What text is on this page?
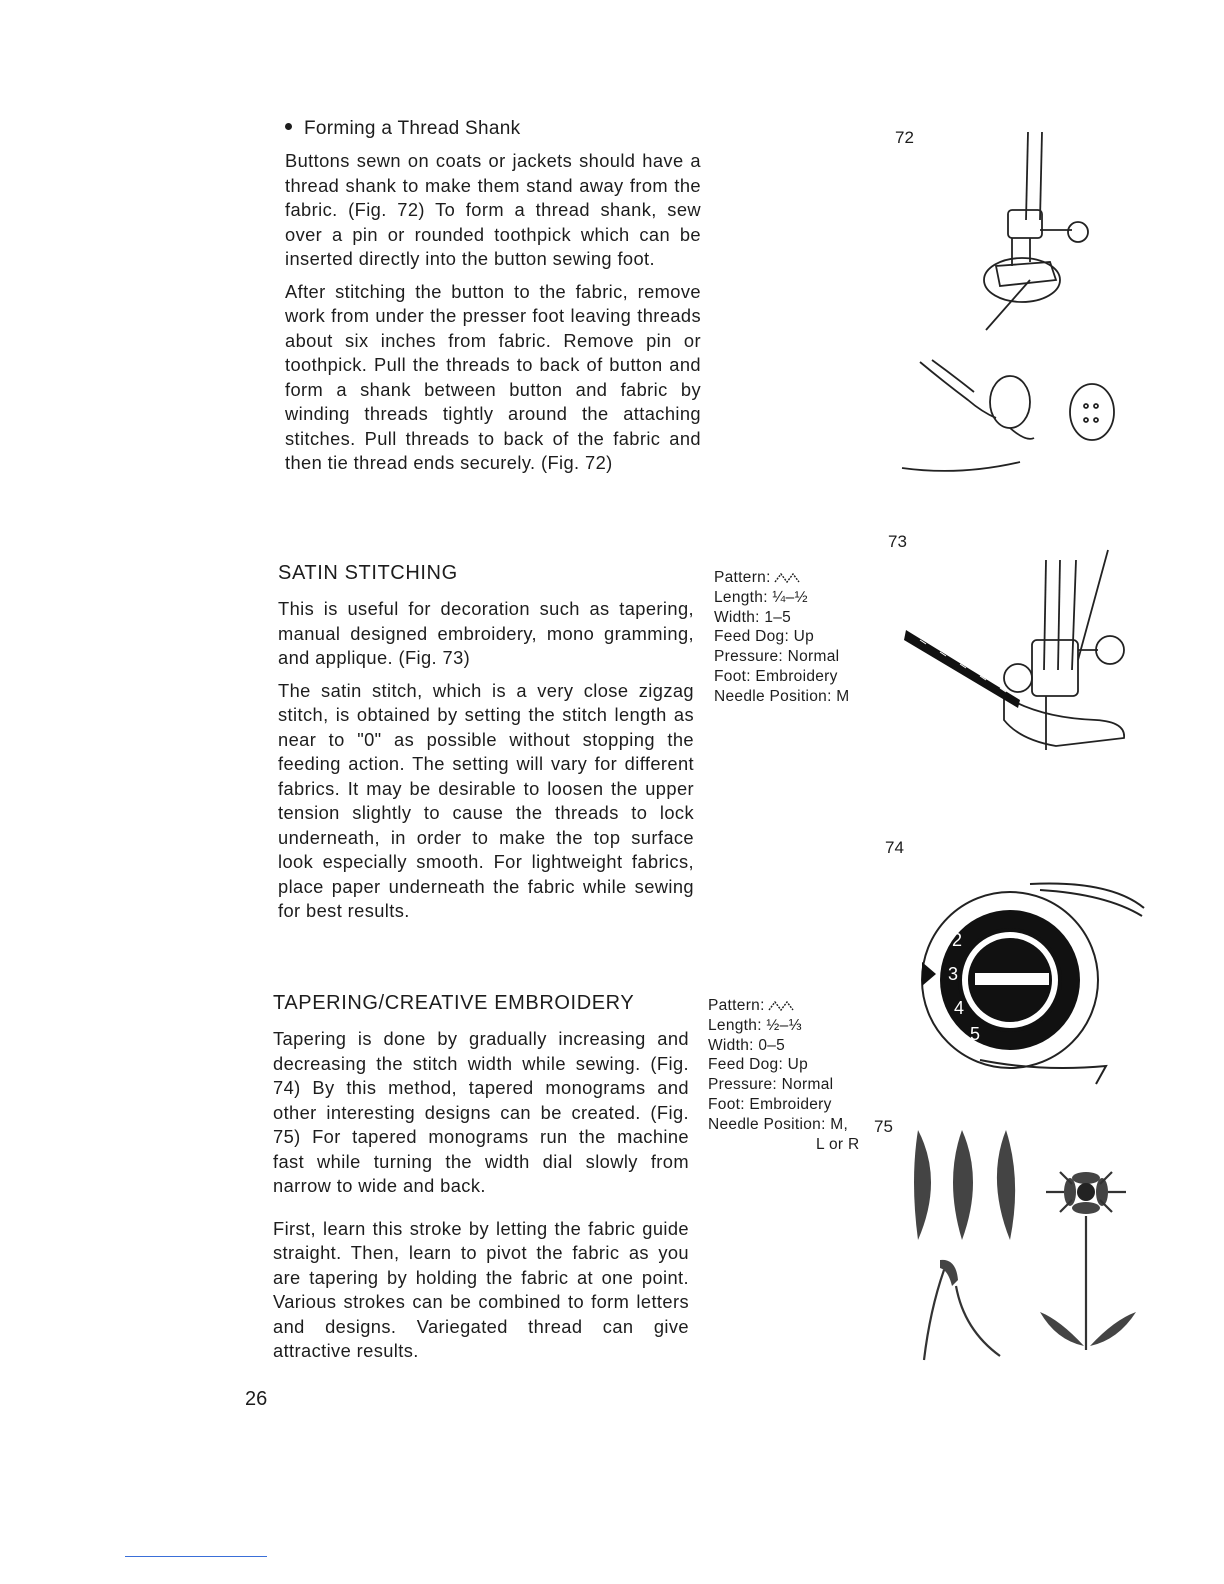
Forming a Thread Shank

Buttons sewn on coats or jackets should have a thread shank to make them stand away from the fabric. (Fig. 72) To form a thread shank, sew over a pin or rounded toothpick which can be inserted directly into the button sewing foot.

After stitching the button to the fabric, remove work from under the presser foot leaving threads about six inches from fabric. Remove pin or toothpick. Pull the threads to back of button and form a shank between button and fabric by winding threads tightly around the attaching stitches. Pull threads to back of the fabric and then tie thread ends securely. (Fig. 72)

SATIN STITCHING

This is useful for decoration such as tapering, manual designed embroidery, mono gramming, and applique. (Fig. 73)

The satin stitch, which is a very close zigzag stitch, is obtained by setting the stitch length as near to "0" as possible without stopping the feeding action. The setting will vary for different fabrics. It may be desirable to loosen the upper tension slightly to cause the threads to lock underneath, in order to make the top surface look especially smooth. For lightweight fabrics, place paper underneath the fabric while sewing for best results.

Pattern:
Length: ¼–½
Width: 1–5
Feed Dog: Up
Pressure: Normal
Foot: Embroidery
Needle Position: M
TAPERING/CREATIVE EMBROIDERY

Tapering is done by gradually increasing and decreasing the stitch width while sewing. (Fig. 74) By this method, tapered monograms and other interesting designs can be created. (Fig. 75) For tapered monograms run the machine fast while turning the width dial slowly from narrow to wide and back.

First, learn this stroke by letting the fabric guide straight. Then, learn to pivot the fabric as you are tapering by holding the fabric at one point. Various strokes can be combined to form letters and designs. Variegated thread can give attractive results.

Pattern:
Length: ½–⅓
Width: 0–5
Feed Dog: Up
Pressure: Normal
Foot: Embroidery
Needle Position: M,
L or R
72
73
74
75
2
3
4
5
26
